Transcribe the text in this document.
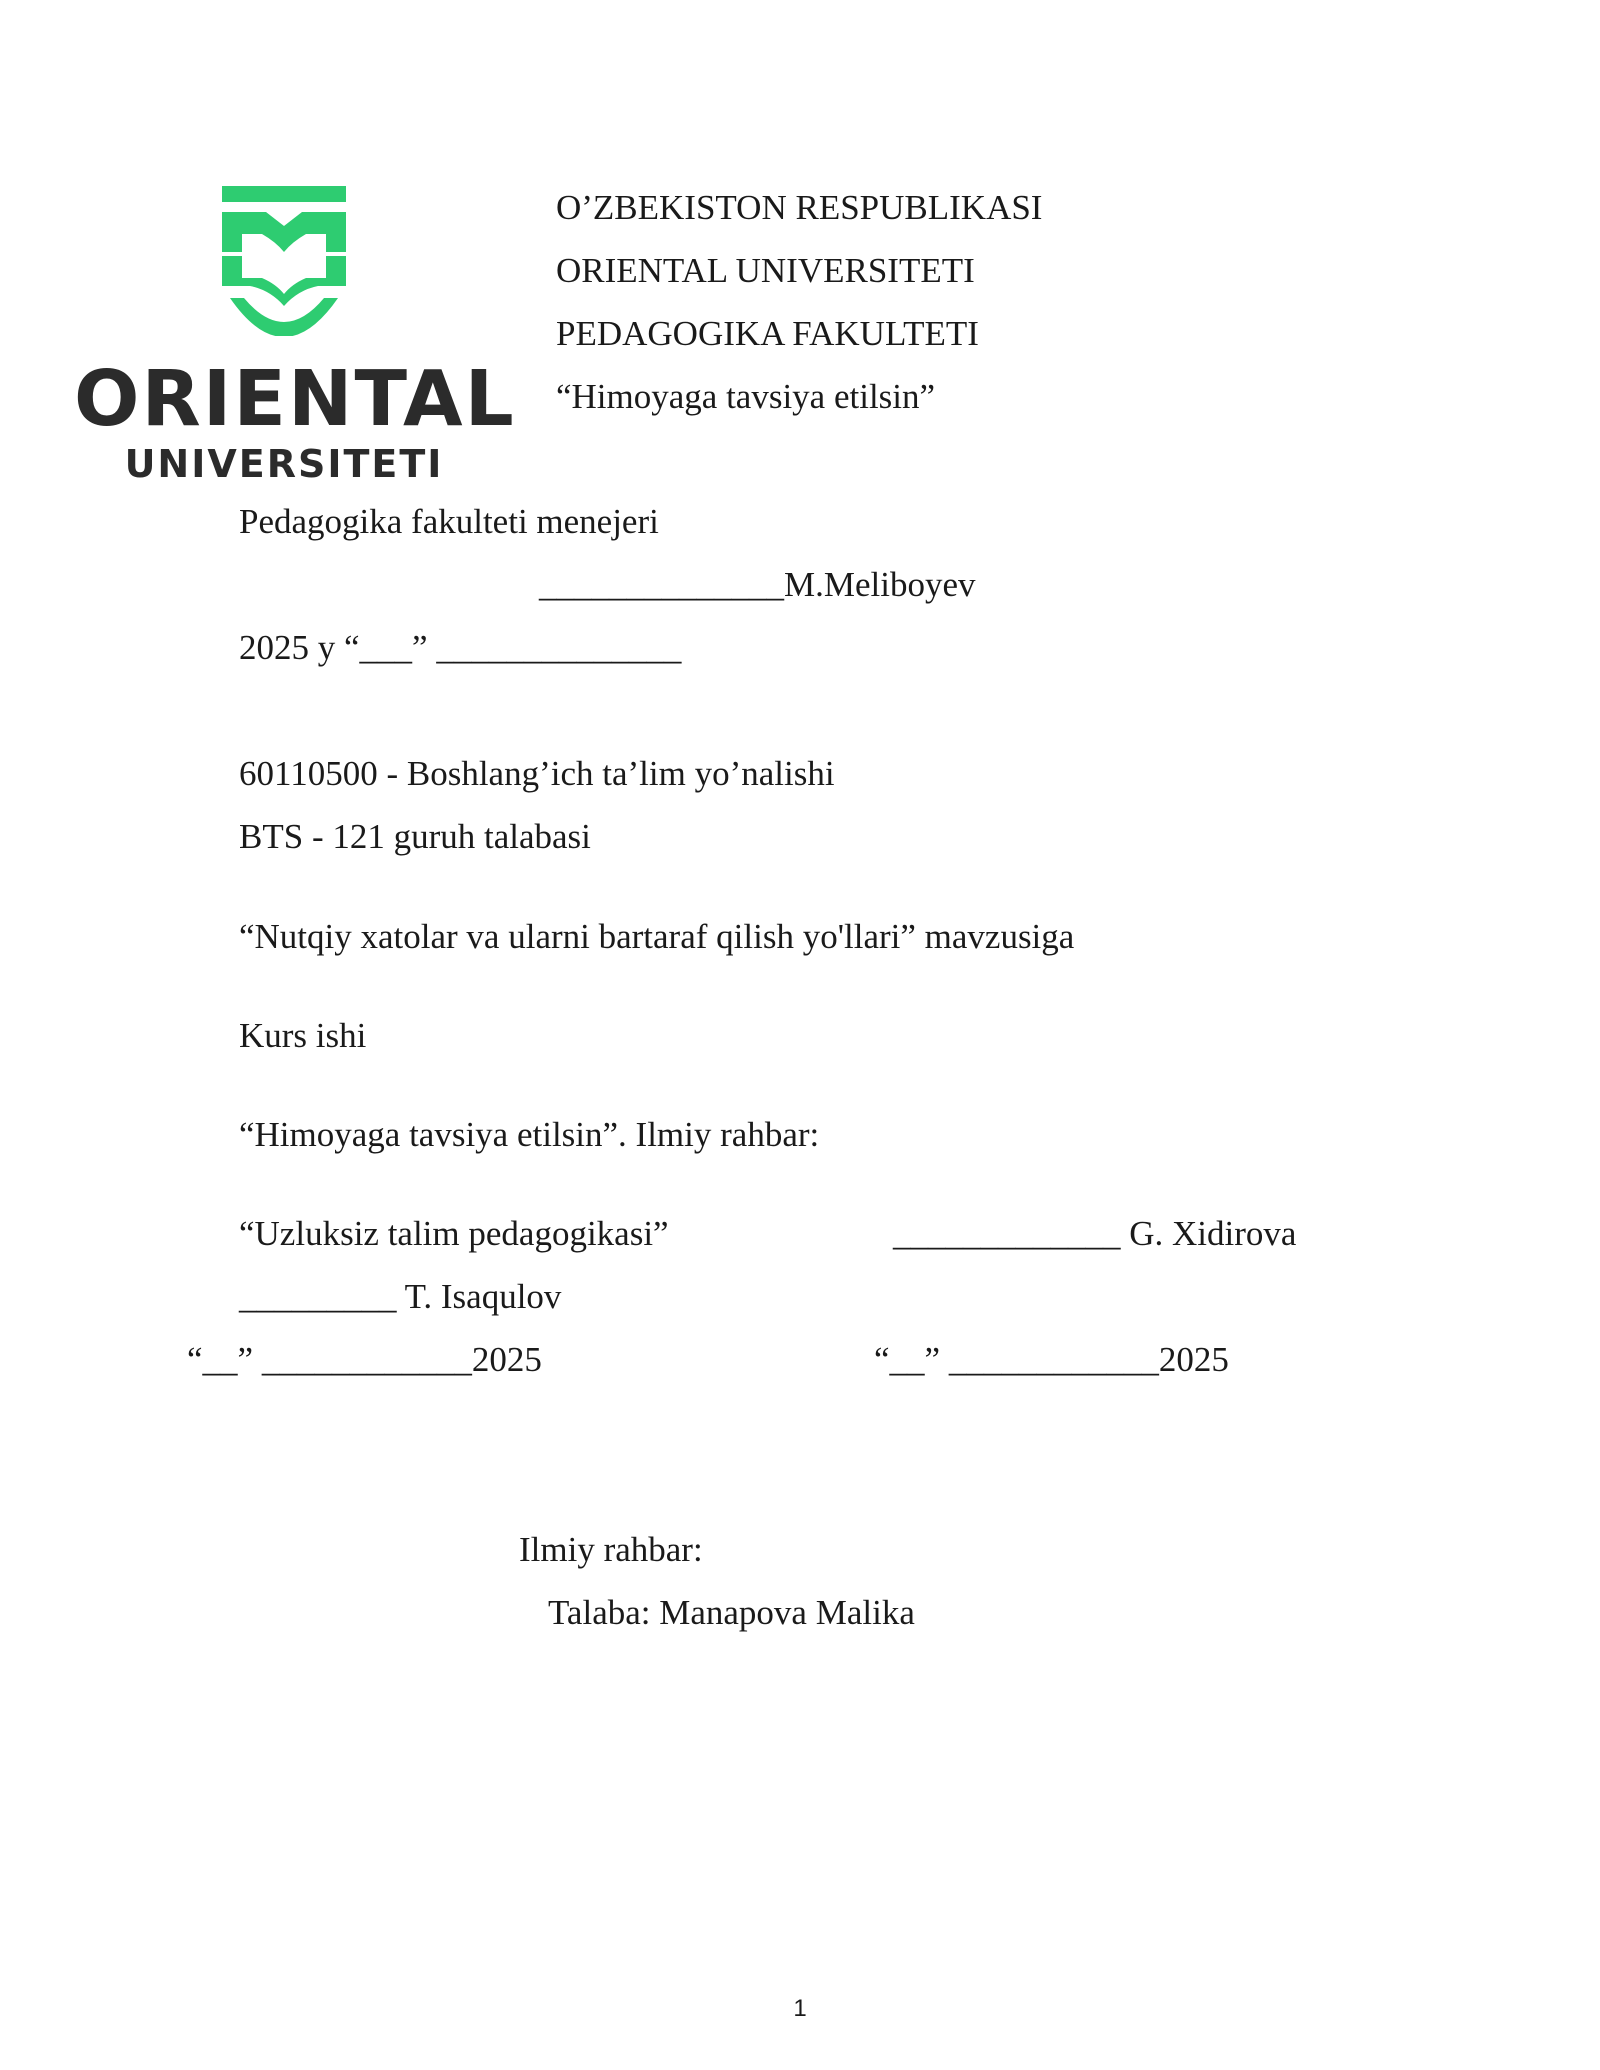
ORIENTAL
UNIVERSITETI
O’ZBEKISTON RESPUBLIKASI
ORIENTAL UNIVERSITETI
PEDAGOGIKA FAKULTETI
“Himoyaga tavsiya etilsin”
Pedagogika fakulteti menejeri
______________M.Meliboyev
2025 y “___” ______________
60110500 - Boshlang’ich ta’lim yo’nalishi
BTS - 121 guruh talabasi
“Nutqiy xatolar va ularni bartaraf qilish yo'llari” mavzusiga
Kurs ishi
“Himoyaga tavsiya etilsin”. Ilmiy rahbar:
“Uzluksiz talim pedagogikasi”	_____________ G. Xidirova
_________ T. Isaqulov
“__” ____________2025	“__” ____________2025
Ilmiy rahbar:
Talaba: Manapova Malika
1
